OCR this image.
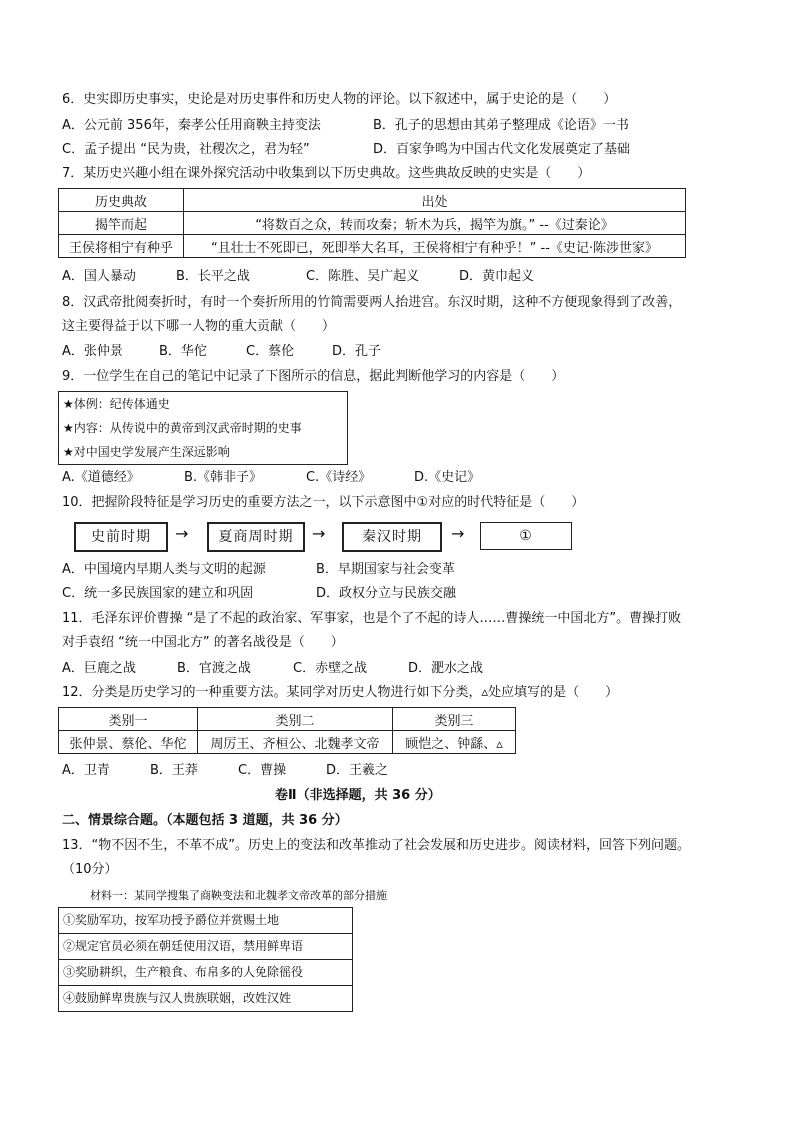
6．史实即历史事实，史论是对历史事件和历史人物的评论。以下叙述中，属于史论的是（　　）
A．公元前 356年，秦孝公任用商鞅主持变法	B．孔子的思想由其弟子整理成《论语》一书
C．孟子提出 “民为贵，社稷次之，君为轻”	D．百家争鸣为中国古代文化发展奠定了基础
7．某历史兴趣小组在课外探究活动中收集到以下历史典故。这些典故反映的史实是（　　）
历史典故	出处
揭竿而起	“将数百之众，转而攻秦；斩木为兵，揭竿为旗。” --《过秦论》
王侯将相宁有种乎	“且壮士不死即已，死即举大名耳，王侯将相宁有种乎！” --《史记·陈涉世家》
A．国人暴动	B．长平之战	C．陈胜、吴广起义	D．黄巾起义
8．汉武帝批阅奏折时，有时一个奏折所用的竹简需要两人抬进宫。东汉时期，这种不方便现象得到了改善，
这主要得益于以下哪一人物的重大贡献（　　）
A．张仲景	B．华佗	C．蔡伦	D．孔子
9．一位学生在自己的笔记中记录了下图所示的信息，据此判断他学习的内容是（　　）
★体例：纪传体通史
★内容：从传说中的黄帝到汉武帝时期的史事
★对中国史学发展产生深远影响
A.《道德经》	B.《韩非子》	C.《诗经》	D.《史记》
10．把握阶段特征是学习历史的重要方法之一，以下示意图中①对应的时代特征是（　　）
史前时期	→	夏商周时期	→	秦汉时期	→	①
A．中国境内早期人类与文明的起源	B．早期国家与社会变革
C．统一多民族国家的建立和巩固	D．政权分立与民族交融
11．毛泽东评价曹操 “是了不起的政治家、军事家，也是个了不起的诗人……曹操统一中国北方”。曹操打败
对手袁绍 “统一中国北方” 的著名战役是（　　）
A．巨鹿之战	B．官渡之战	C．赤壁之战	D．淝水之战
12．分类是历史学习的一种重要方法。某同学对历史人物进行如下分类，▵处应填写的是（　　）
类别一	类别二	类别三
张仲景、蔡伦、华佗	周厉王、齐桓公、北魏孝文帝	顾恺之、钟繇、▵
A．卫青	B．王莽	C．曹操	D．王羲之
卷Ⅱ（非选择题，共 36 分）
二、情景综合题。（本题包括 3 道题，共 36 分）
13．“物不因不生，不革不成”。历史上的变法和改革推动了社会发展和历史进步。阅读材料，回答下列问题。
（10分）
材料一：某同学搜集了商鞅变法和北魏孝文帝改革的部分措施
①奖励军功，按军功授予爵位并赏赐土地
②规定官员必须在朝廷使用汉语，禁用鲜卑语
③奖励耕织，生产粮食、布帛多的人免除徭役
④鼓励鲜卑贵族与汉人贵族联姻，改姓汉姓
